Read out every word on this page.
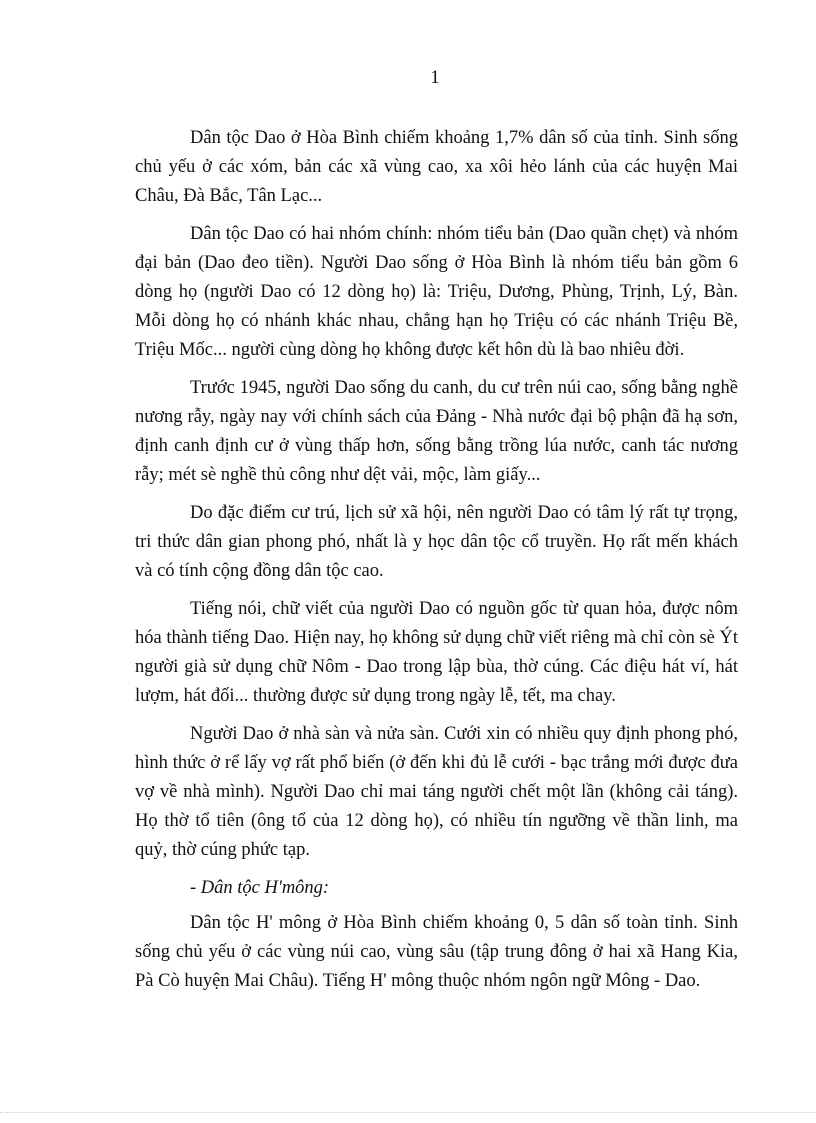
1

Dân tộc Dao ở Hòa Bình chiếm khoảng 1,7% dân số của tỉnh. Sinh sống chủ yếu ở các xóm, bản các xã vùng cao, xa xôi hẻo lánh của các huyện Mai Châu, Đà Bắc, Tân Lạc...

Dân tộc Dao có hai nhóm chính: nhóm tiểu bản (Dao quần chẹt) và nhóm đại bản (Dao đeo tiền). Người Dao sống ở Hòa Bình là nhóm tiểu bản gồm 6 dòng họ (người Dao có 12 dòng họ) là: Triệu, Dương, Phùng, Trịnh, Lý, Bàn. Mỗi dòng họ có nhánh khác nhau, chẳng hạn họ Triệu có các nhánh Triệu Bề, Triệu Mốc... người cùng dòng họ không được kết hôn dù là bao nhiêu đời.

Trước 1945, người Dao sống du canh, du cư trên núi cao, sống bằng nghề nương rẫy, ngày nay với chính sách của Đảng - Nhà nước đại bộ phận đã hạ sơn, định canh định cư ở vùng thấp hơn, sống bằng trồng lúa nước, canh tác nương rẫy; mét sè nghề thủ công như dệt vải, mộc, làm giấy...

Do đặc điểm cư trú, lịch sử xã hội, nên người Dao có tâm lý rất tự trọng, tri thức dân gian phong phó, nhất là y học dân tộc cổ truyền. Họ rất mến khách và có tính cộng đồng dân tộc cao.

Tiếng nói, chữ viết của người Dao có nguồn gốc từ quan hỏa, được nôm hóa thành tiếng Dao. Hiện nay, họ không sử dụng chữ viết riêng mà chỉ còn sè Ýt người già sử dụng chữ Nôm - Dao trong lập bùa, thờ cúng. Các điệu hát ví, hát lượm, hát đối... thường được sử dụng trong ngày lễ, tết, ma chay.

Người Dao ở nhà sàn và nửa sàn. Cưới xin có nhiều quy định phong phó, hình thức ở rể lấy vợ rất phổ biến (ở đến khi đủ lễ cưới - bạc trắng mới được đưa vợ về nhà mình). Người Dao chỉ mai táng người chết một lần (không cải táng). Họ thờ tổ tiên (ông tổ của 12 dòng họ), có nhiều tín ngưỡng về thần linh, ma quỷ, thờ cúng phức tạp.

- Dân tộc H'mông:

Dân tộc H' mông ở Hòa Bình chiếm khoảng 0, 5 dân số toàn tỉnh. Sinh sống chủ yếu ở các vùng núi cao, vùng sâu (tập trung đông ở hai xã Hang Kia, Pà Cò huyện Mai Châu). Tiếng H' mông thuộc nhóm ngôn ngữ Mông - Dao.
